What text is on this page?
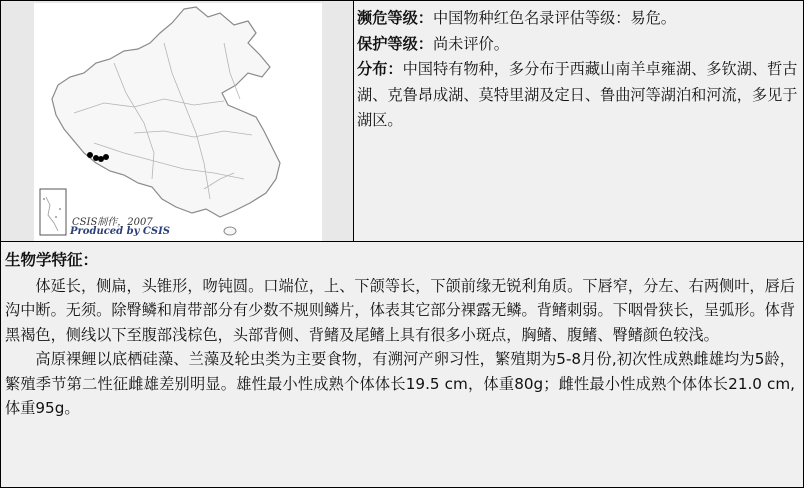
CSIS制作，2007
Produced by CSIS

濒危等级：中国物种红色名录评估等级：易危。

保护等级：尚未评价。

分布：中国特有物种，多分布于西藏山南羊卓雍湖、多钦湖、哲古湖、克鲁昂成湖、莫特里湖及定日、鲁曲河等湖泊和河流，多见于湖区。

生物学特征：

体延长，侧扁，头锥形，吻钝圆。口端位，上、下颌等长，下颌前缘无锐利角质。下唇窄，分左、右两侧叶，唇后沟中断。无须。除臀鳞和肩带部分有少数不规则鳞片，体表其它部分裸露无鳞。背鳍刺弱。下咽骨狭长，呈弧形。体背黑褐色，侧线以下至腹部浅棕色，头部背侧、背鳍及尾鳍上具有很多小斑点，胸鳍、腹鳍、臀鳍颜色较浅。

高原裸鲤以底栖硅藻、兰藻及轮虫类为主要食物，有溯河产卵习性，繁殖期为5-8月份,初次性成熟雌雄均为5龄，繁殖季节第二性征雌雄差别明显。雄性最小性成熟个体体长19.5 cm，体重80g；雌性最小性成熟个体体长21.0 cm,体重95g。
